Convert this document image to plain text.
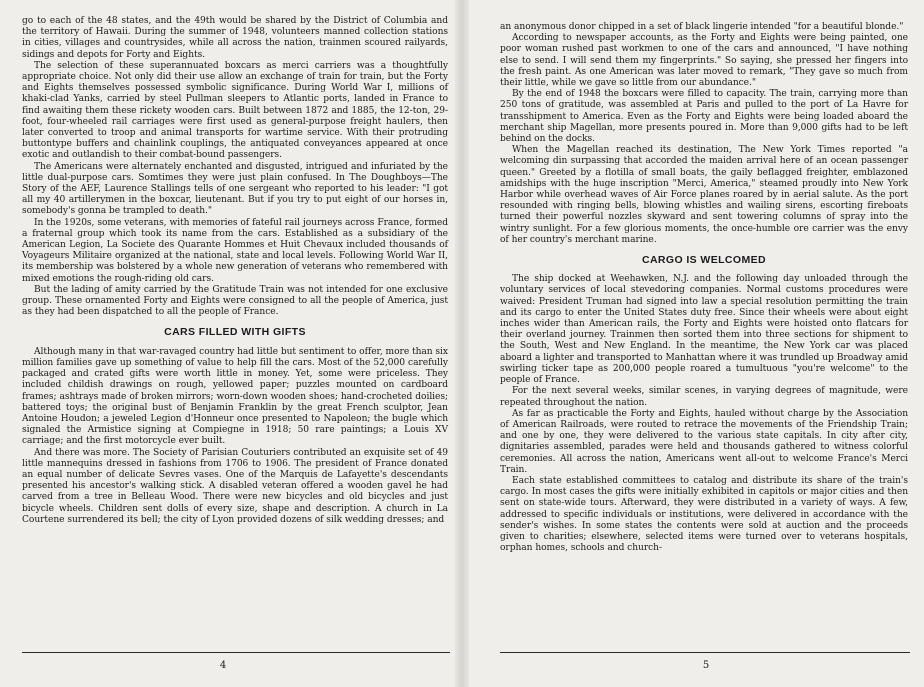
go to each of the 48 states, and the 49th would be shared by the District of Columbia and the territory of Hawaii. During the summer of 1948, volunteers manned collection stations in cities, villages and countrysides, while all across the nation, trainmen scoured railyards, sidings and depots for Forty and Eights.

The selection of these superannuated boxcars as merci carriers was a thoughtfully appropriate choice. Not only did their use allow an exchange of train for train, but the Forty and Eights themselves possessed symbolic significance. During World War I, millions of khaki-clad Yanks, carried by steel Pullman sleepers to Atlantic ports, landed in France to find awaiting them these rickety wooden cars. Built between 1872 and 1885, the 12-ton, 29-foot, four-wheeled rail carriages were first used as general-purpose freight haulers, then later converted to troop and animal transports for wartime service. With their protruding buttontype buffers and chainlink couplings, the antiquated conveyances appeared at once exotic and outlandish to their combat-bound passengers.

The Americans were alternately enchanted and disgusted, intrigued and infuriated by the little dual-purpose cars. Somtimes they were just plain confused. In The Doughboys—The Story of the AEF, Laurence Stallings tells of one sergeant who reported to his leader: "I got all my 40 artillerymen in the boxcar, lieutenant. But if you try to put eight of our horses in, somebody's gonna be trampled to death."

In the 1920s, some veterans, with memories of fateful rail journeys across France, formed a fraternal group which took its name from the cars. Established as a subsidiary of the American Legion, La Societe des Quarante Hommes et Huit Chevaux included thousands of Voyageurs Militaire organized at the national, state and local levels. Following World War II, its membership was bolstered by a whole new generation of veterans who remembered with mixed emotions the rough-riding old cars.

But the lading of amity carried by the Gratitude Train was not intended for one exclusive group. These ornamented Forty and Eights were consigned to all the people of America, just as they had been dispatched to all the people of France.

CARS FILLED WITH GIFTS

Although many in that war-ravaged country had little but sentiment to offer, more than six million families gave up something of value to help fill the cars. Most of the 52,000 carefully packaged and crated gifts were worth little in money. Yet, some were priceless. They included childish drawings on rough, yellowed paper; puzzles mounted on cardboard frames; ashtrays made of broken mirrors; worn-down wooden shoes; hand-crocheted doilies; battered toys; the original bust of Benjamin Franklin by the great French sculptor, Jean Antoine Houdon; a jeweled Legion d'Honneur once presented to Napoleon; the bugle which signaled the Armistice signing at Compiegne in 1918; 50 rare paintings; a Louis XV carriage; and the first motorcycle ever built.

And there was more. The Society of Parisian Couturiers contributed an exquisite set of 49 little mannequins dressed in fashions from 1706 to 1906. The president of France donated an equal number of delicate Sevres vases. One of the Marquis de Lafayette's descendants presented his ancestor's walking stick. A disabled veteran offered a wooden gavel he had carved from a tree in Belleau Wood. There were new bicycles and old bicycles and just bicycle wheels. Children sent dolls of every size, shape and description. A church in La Courtene surrendered its bell; the city of Lyon provided dozens of silk wedding dresses; and

4

an anonymous donor chipped in a set of black lingerie intended "for a beautiful blonde."

According to newspaper accounts, as the Forty and Eights were being painted, one poor woman rushed past workmen to one of the cars and announced, "I have nothing else to send. I will send them my fingerprints." So saying, she pressed her fingers into the fresh paint. As one American was later moved to remark, "They gave so much from their little, while we gave so little from our abundance."

By the end of 1948 the boxcars were filled to capacity. The train, carrying more than 250 tons of gratitude, was assembled at Paris and pulled to the port of La Havre for transshipment to America. Even as the Forty and Eights were being loaded aboard the merchant ship Magellan, more presents poured in. More than 9,000 gifts had to be left behind on the docks.

When the Magellan reached its destination, The New York Times reported "a welcoming din surpassing that accorded the maiden arrival here of an ocean passenger queen." Greeted by a flotilla of small boats, the gaily beflagged freighter, emblazoned amidships with the huge inscription "Merci, America," steamed proudly into New York Harbor while overhead waves of Air Force planes roared by in aerial salute. As the port resounded with ringing bells, blowing whistles and wailing sirens, escorting fireboats turned their powerful nozzles skyward and sent towering columns of spray into the wintry sunlight. For a few glorious moments, the once-humble ore carrier was the envy of her country's merchant marine.

CARGO IS WELCOMED

The ship docked at Weehawken, N.J. and the following day unloaded through the voluntary services of local stevedoring companies. Normal customs procedures were waived: President Truman had signed into law a special resolution permitting the train and its cargo to enter the United States duty free. Since their wheels were about eight inches wider than American rails, the Forty and Eights were hoisted onto flatcars for their overland journey. Trainmen then sorted them into three sections for shipment to the South, West and New England. In the meantime, the New York car was placed aboard a lighter and transported to Manhattan where it was trundled up Broadway amid swirling ticker tape as 200,000 people roared a tumultuous "you're welcome" to the people of France.

For the next several weeks, similar scenes, in varying degrees of magnitude, were repeated throughout the nation.

As far as practicable the Forty and Eights, hauled without charge by the Association of American Railroads, were routed to retrace the movements of the Friendship Train; and one by one, they were delivered to the various state capitals. In city after city, dignitaries assembled, parades were held and thousands gathered to witness colorful ceremonies. All across the nation, Americans went all-out to welcome France's Merci Train.

Each state established committees to catalog and distribute its share of the train's cargo. In most cases the gifts were initially exhibited in capitols or major cities and then sent on state-wide tours. Afterward, they were distributed in a variety of ways. A few, addressed to specific individuals or institutions, were delivered in accordance with the sender's wishes. In some states the contents were sold at auction and the proceeds given to charities; elsewhere, selected items were turned over to veterans hospitals, orphan homes, schools and church-

5
